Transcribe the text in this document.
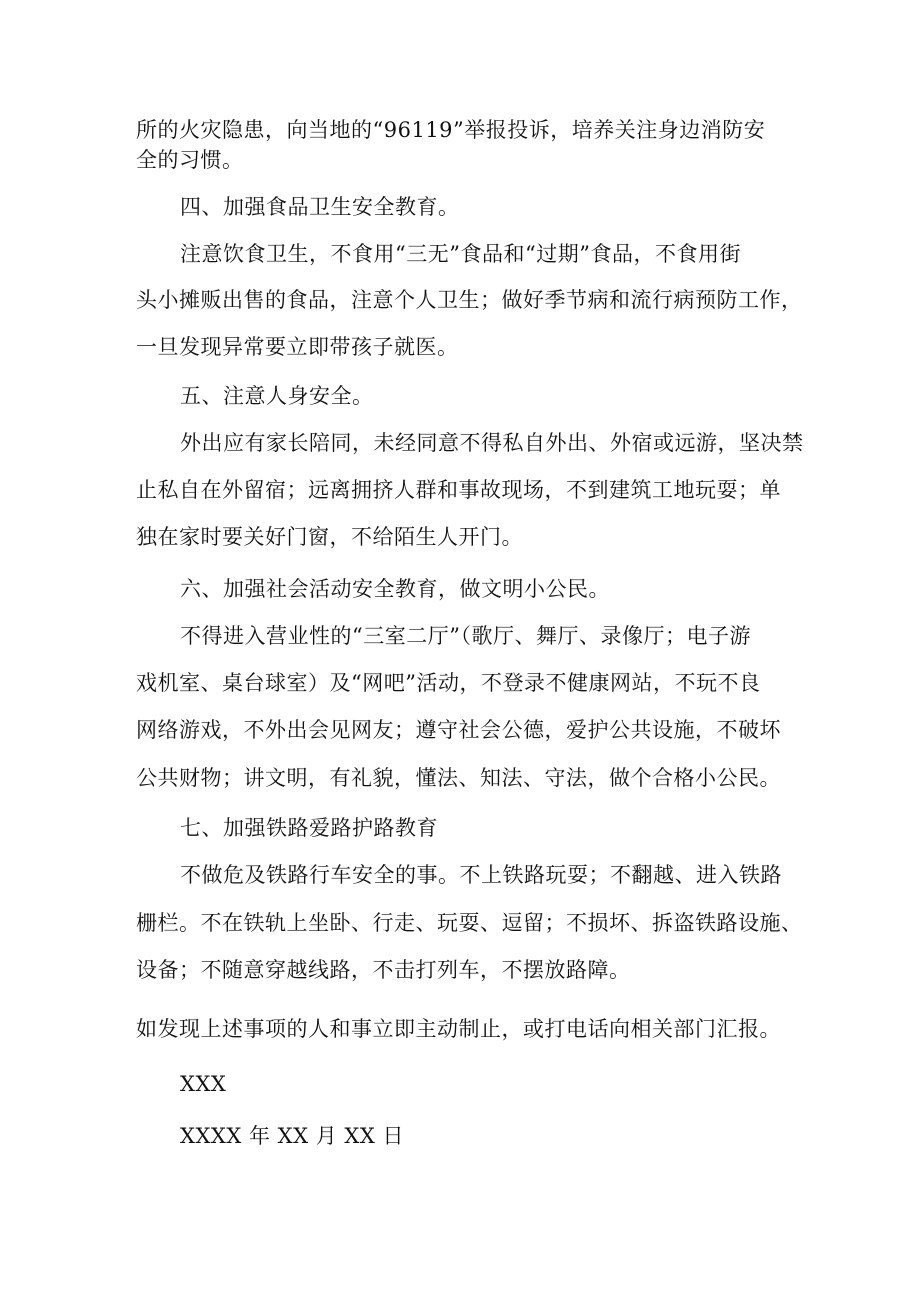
所的火灾隐患，向当地的“96119”举报投诉，培养关注身边消防安
全的习惯。
四、加强食品卫生安全教育。
注意饮食卫生，不食用“三无”食品和“过期”食品，不食用街
头小摊贩出售的食品，注意个人卫生；做好季节病和流行病预防工作，
一旦发现异常要立即带孩子就医。
五、注意人身安全。
外出应有家长陪同，未经同意不得私自外出、外宿或远游，坚决禁
止私自在外留宿；远离拥挤人群和事故现场，不到建筑工地玩耍；单
独在家时要关好门窗，不给陌生人开门。
六、加强社会活动安全教育，做文明小公民。
不得进入营业性的“三室二厅”（歌厅、舞厅、录像厅；电子游
戏机室、桌台球室）及“网吧”活动，不登录不健康网站，不玩不良
网络游戏，不外出会见网友；遵守社会公德，爱护公共设施，不破坏
公共财物；讲文明，有礼貌，懂法、知法、守法，做个合格小公民。
七、加强铁路爱路护路教育
不做危及铁路行车安全的事。不上铁路玩耍；不翻越、进入铁路
栅栏。不在铁轨上坐卧、行走、玩耍、逗留；不损坏、拆盗铁路设施、
设备；不随意穿越线路，不击打列车，不摆放路障。
如发现上述事项的人和事立即主动制止，或打电话向相关部门汇报。
XXX
XXXX 年 XX 月 XX 日
